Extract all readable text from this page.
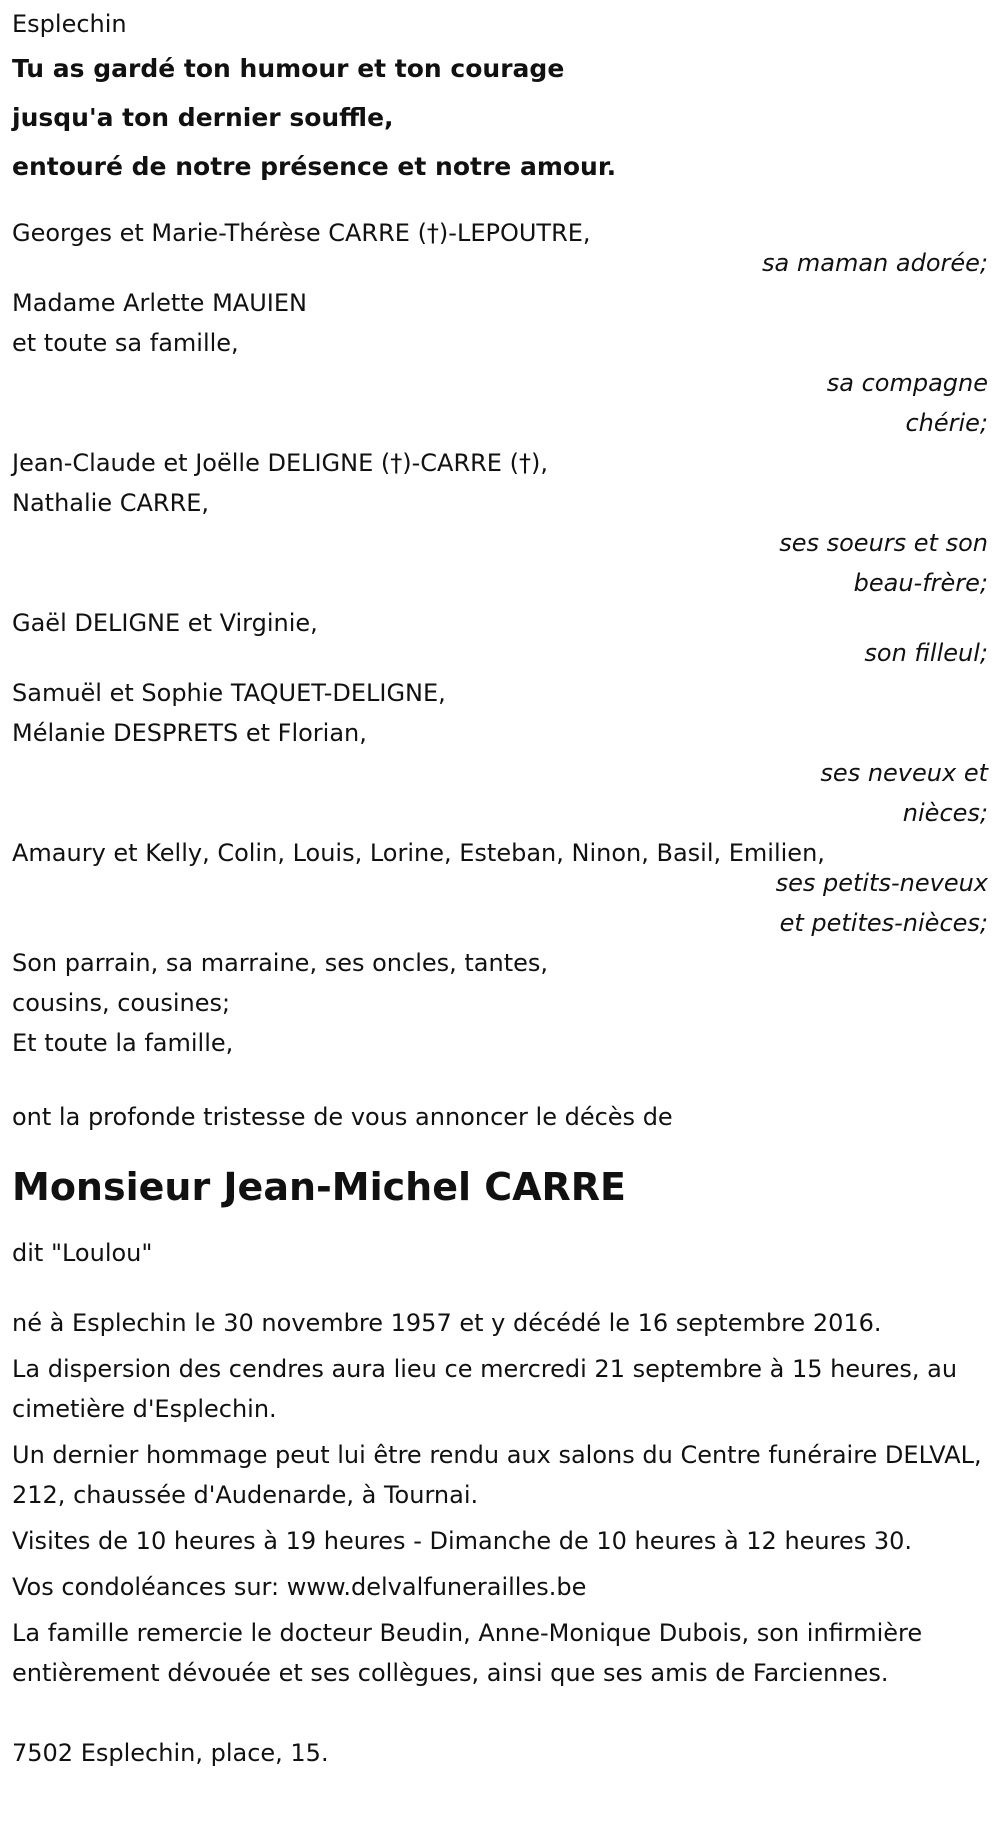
Esplechin

Tu as gardé ton humour et ton courage

jusqu'a ton dernier souffle,

entouré de notre présence et notre amour.

Georges et Marie-Thérèse CARRE (†)-LEPOUTRE,

sa maman adorée;

Madame Arlette MAUIEN

et toute sa famille,

sa compagne chérie;

Jean-Claude et Joëlle DELIGNE (†)-CARRE (†),

Nathalie CARRE,

ses soeurs et son beau-frère;

Gaël DELIGNE et Virginie,

son filleul;

Samuël et Sophie TAQUET-DELIGNE,

Mélanie DESPRETS et Florian,

ses neveux et nièces;

Amaury et Kelly, Colin, Louis, Lorine, Esteban, Ninon, Basil, Emilien,

ses petits-neveux et petites-nièces;

Son parrain, sa marraine, ses oncles, tantes,

cousins, cousines;

Et toute la famille,

ont la profonde tristesse de vous annoncer le décès de

Monsieur Jean-Michel CARRE

dit "Loulou"

né à Esplechin le 30 novembre 1957 et y décédé le 16 septembre 2016.

La dispersion des cendres aura lieu ce mercredi 21 septembre à 15 heures, au cimetière d'Esplechin.

Un dernier hommage peut lui être rendu aux salons du Centre funéraire DELVAL, 212, chaussée d'Audenarde, à Tournai.

Visites de 10 heures à 19 heures - Dimanche de 10 heures à 12 heures 30.

Vos condoléances sur: www.delvalfunerailles.be

La famille remercie le docteur Beudin, Anne-Monique Dubois, son infirmière entièrement dévouée et ses collègues, ainsi que ses amis de Farciennes.

7502 Esplechin, place, 15.
